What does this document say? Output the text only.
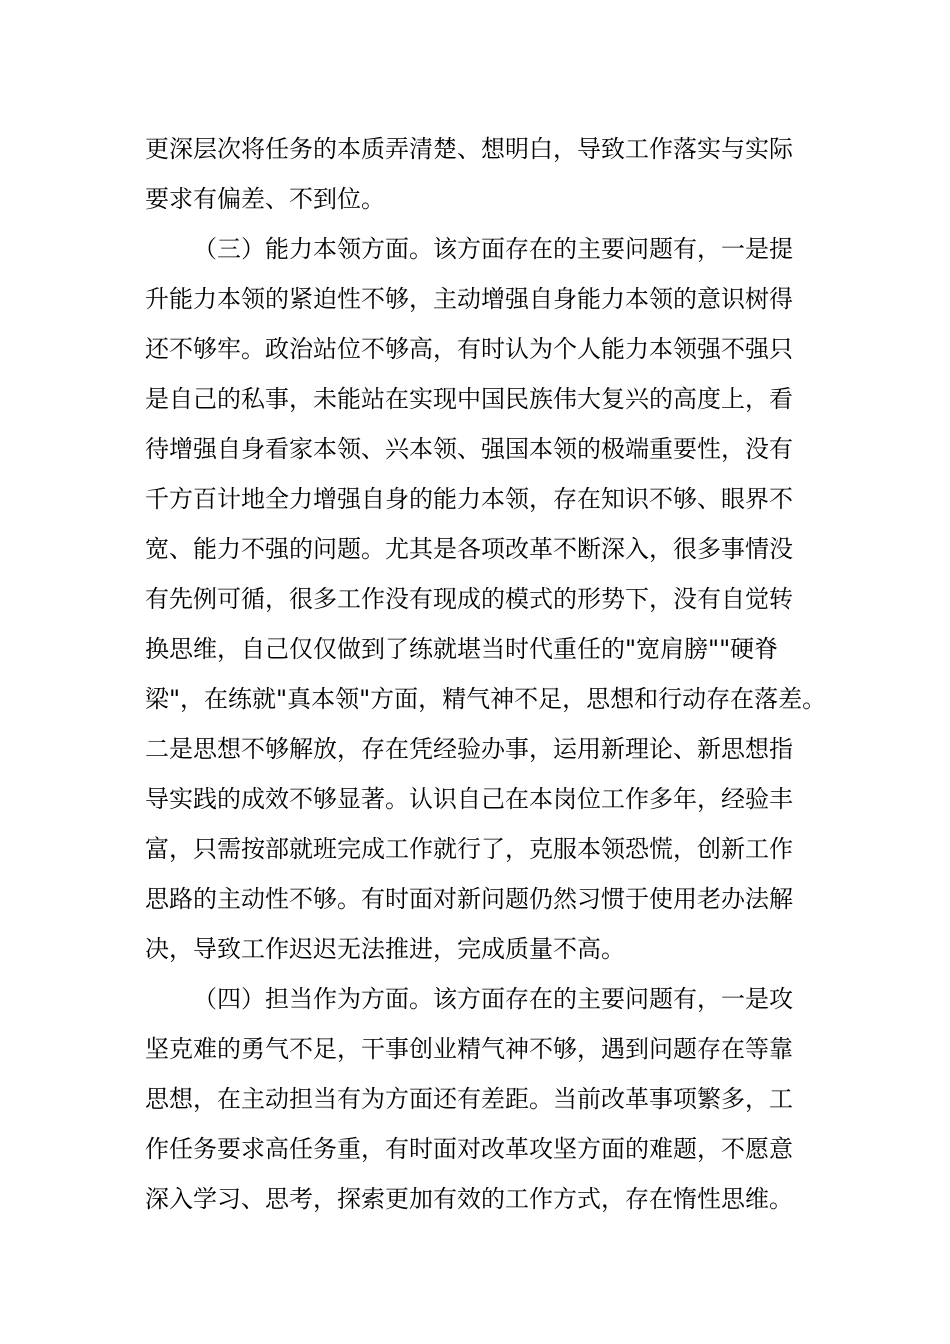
更深层次将任务的本质弄清楚、想明白，导致工作落实与实际
要求有偏差、不到位。
（三）能力本领方面。该方面存在的主要问题有，一是提
升能力本领的紧迫性不够，主动增强自身能力本领的意识树得
还不够牢。政治站位不够高，有时认为个人能力本领强不强只
是自己的私事，未能站在实现中国民族伟大复兴的高度上，看
待增强自身看家本领、兴本领、强国本领的极端重要性，没有
千方百计地全力增强自身的能力本领，存在知识不够、眼界不
宽、能力不强的问题。尤其是各项改革不断深入，很多事情没
有先例可循，很多工作没有现成的模式的形势下，没有自觉转
换思维，自己仅仅做到了练就堪当时代重任的"宽肩膀""硬脊
梁"，在练就"真本领"方面，精气神不足，思想和行动存在落差。
二是思想不够解放，存在凭经验办事，运用新理论、新思想指
导实践的成效不够显著。认识自己在本岗位工作多年，经验丰
富，只需按部就班完成工作就行了，克服本领恐慌，创新工作
思路的主动性不够。有时面对新问题仍然习惯于使用老办法解
决，导致工作迟迟无法推进，完成质量不高。
（四）担当作为方面。该方面存在的主要问题有，一是攻
坚克难的勇气不足，干事创业精气神不够，遇到问题存在等靠
思想，在主动担当有为方面还有差距。当前改革事项繁多，工
作任务要求高任务重，有时面对改革攻坚方面的难题，不愿意
深入学习、思考，探索更加有效的工作方式，存在惰性思维。
